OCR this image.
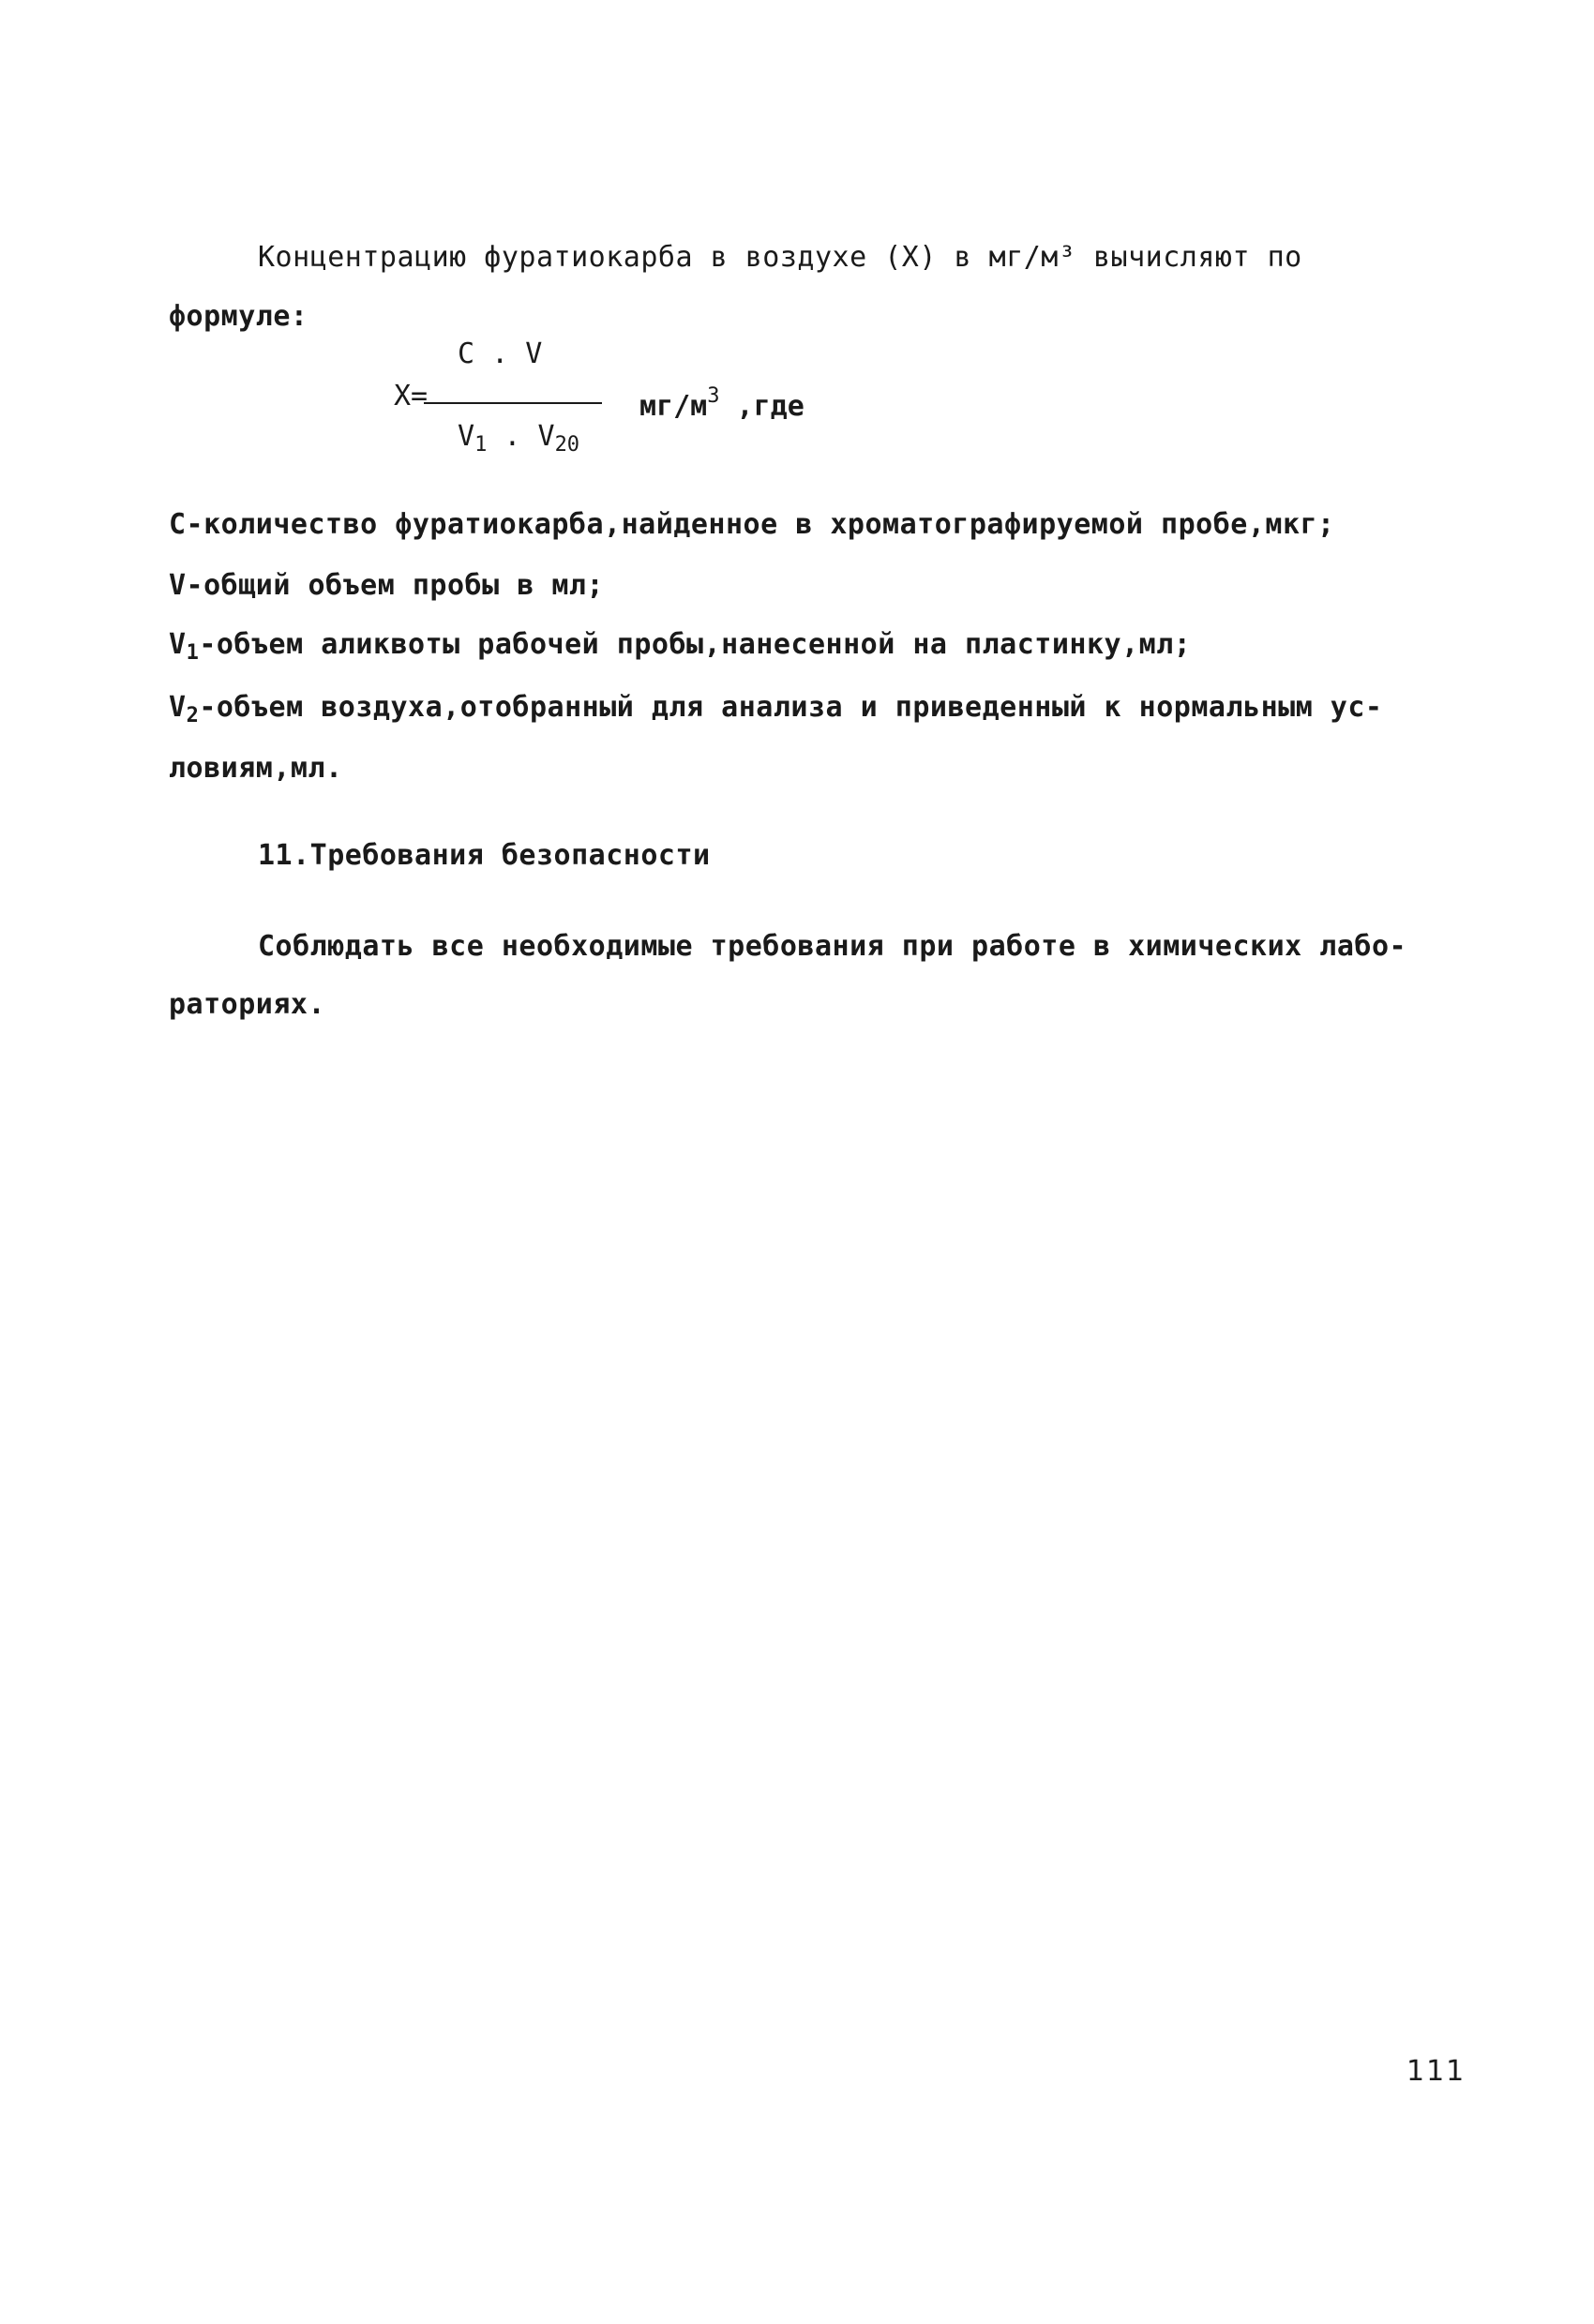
Концентрацию фуратиокарба в воздухе (X) в мг/м³ вычисляют по
формуле:
X=
C . V
$V_1$ . $V_{20}$
$мг/м^3$ ,где
С-количество фуратиокарба,найденное в хроматографируемой пробе,мкг;
V-общий объем пробы в мл;
$V_1$-объем аликвоты рабочей пробы,нанесенной на пластинку,мл;
$V_2$-объем воздуха,отобранный для анализа и приведенный к нормальным ус-
ловиям,мл.
11.Требования безопасности
Соблюдать все необходимые требования при работе в химических лабо-
раториях.
111
